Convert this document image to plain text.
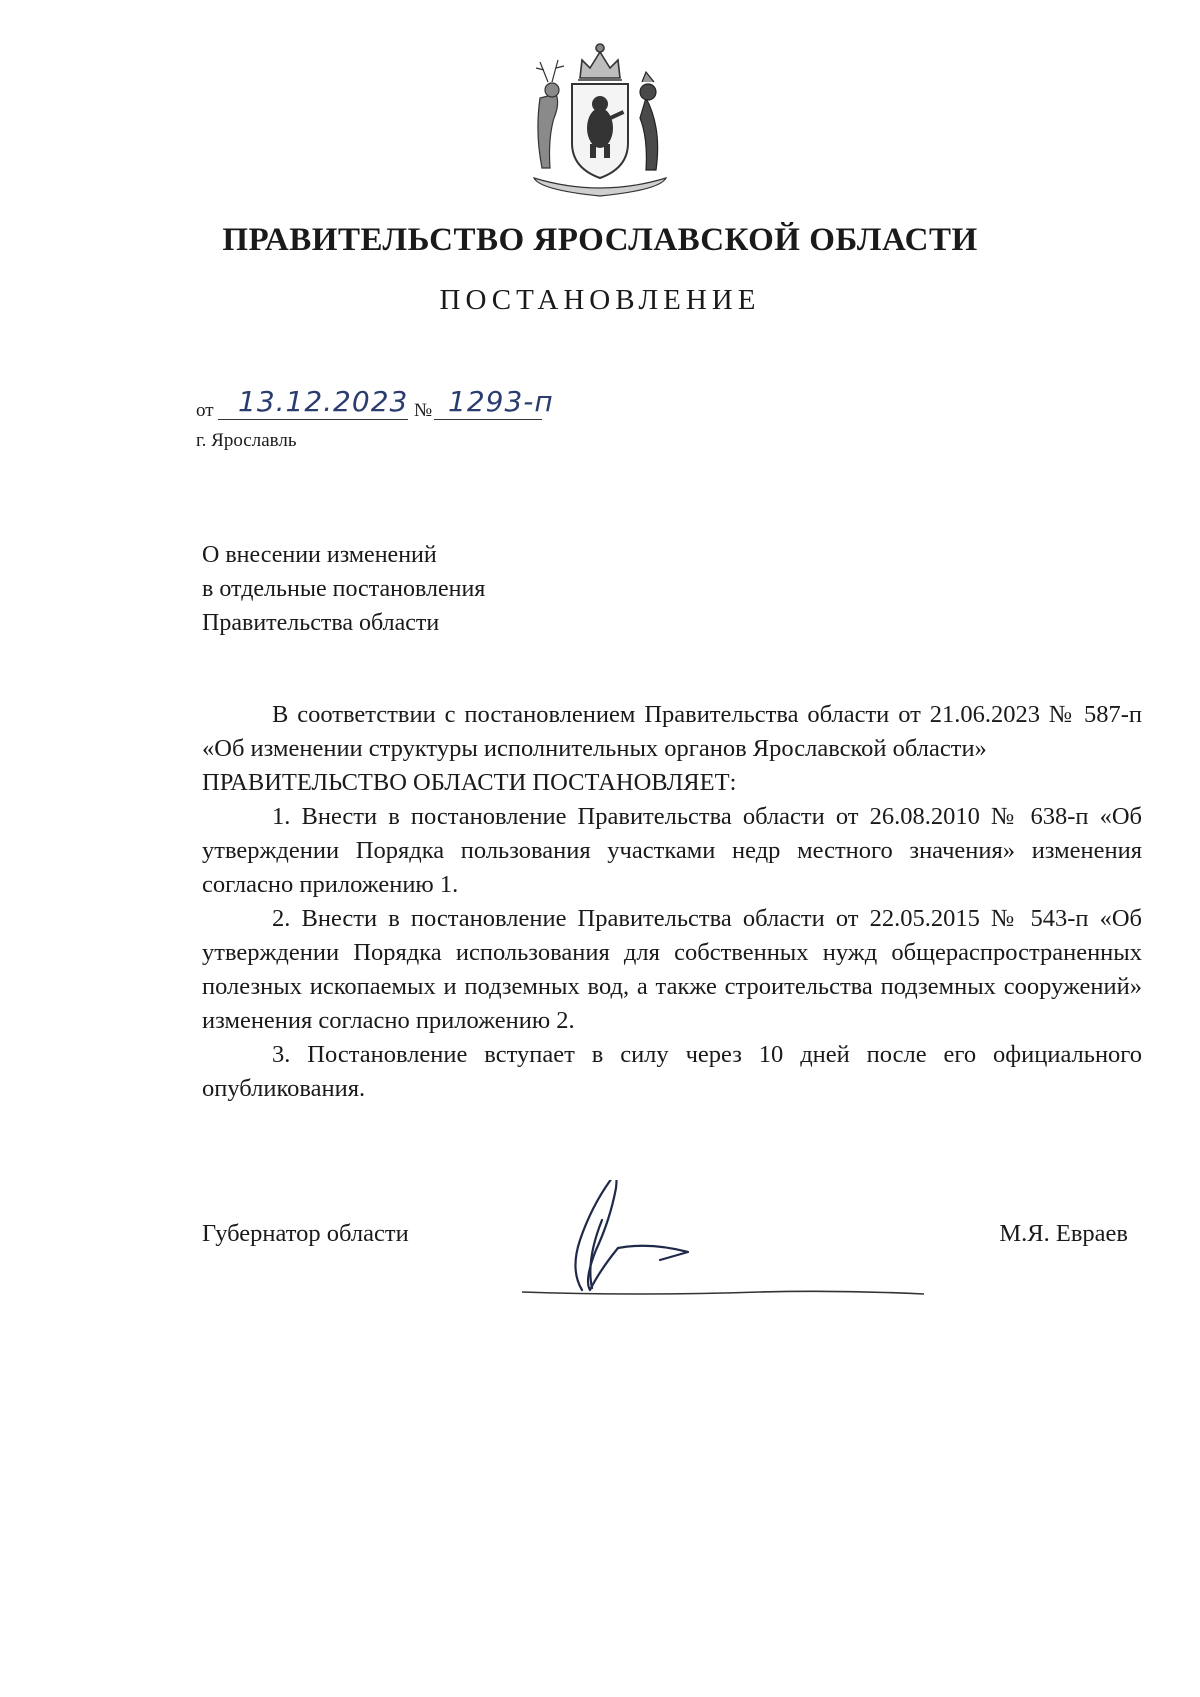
ПРАВИТЕЛЬСТВО ЯРОСЛАВСКОЙ ОБЛАСТИ
ПОСТАНОВЛЕНИЕ
от 13.12.2023 № 1293-п
г. Ярославль
О внесении изменений
в отдельные постановления
Правительства области

В соответствии с постановлением Правительства области от 21.06.2023 № 587-п «Об изменении структуры исполнительных органов Ярославской области»

ПРАВИТЕЛЬСТВО ОБЛАСТИ ПОСТАНОВЛЯЕТ:

1. Внести в постановление Правительства области от 26.08.2010 № 638-п «Об утверждении Порядка пользования участками недр местного значения» изменения согласно приложению 1.

2. Внести в постановление Правительства области от 22.05.2015 № 543-п «Об утверждении Порядка использования для собственных нужд общераспространенных полезных ископаемых и подземных вод, а также строительства подземных сооружений» изменения согласно приложению 2.

3. Постановление вступает в силу через 10 дней после его официального опубликования.

Губернатор области	М.Я. Евраев
